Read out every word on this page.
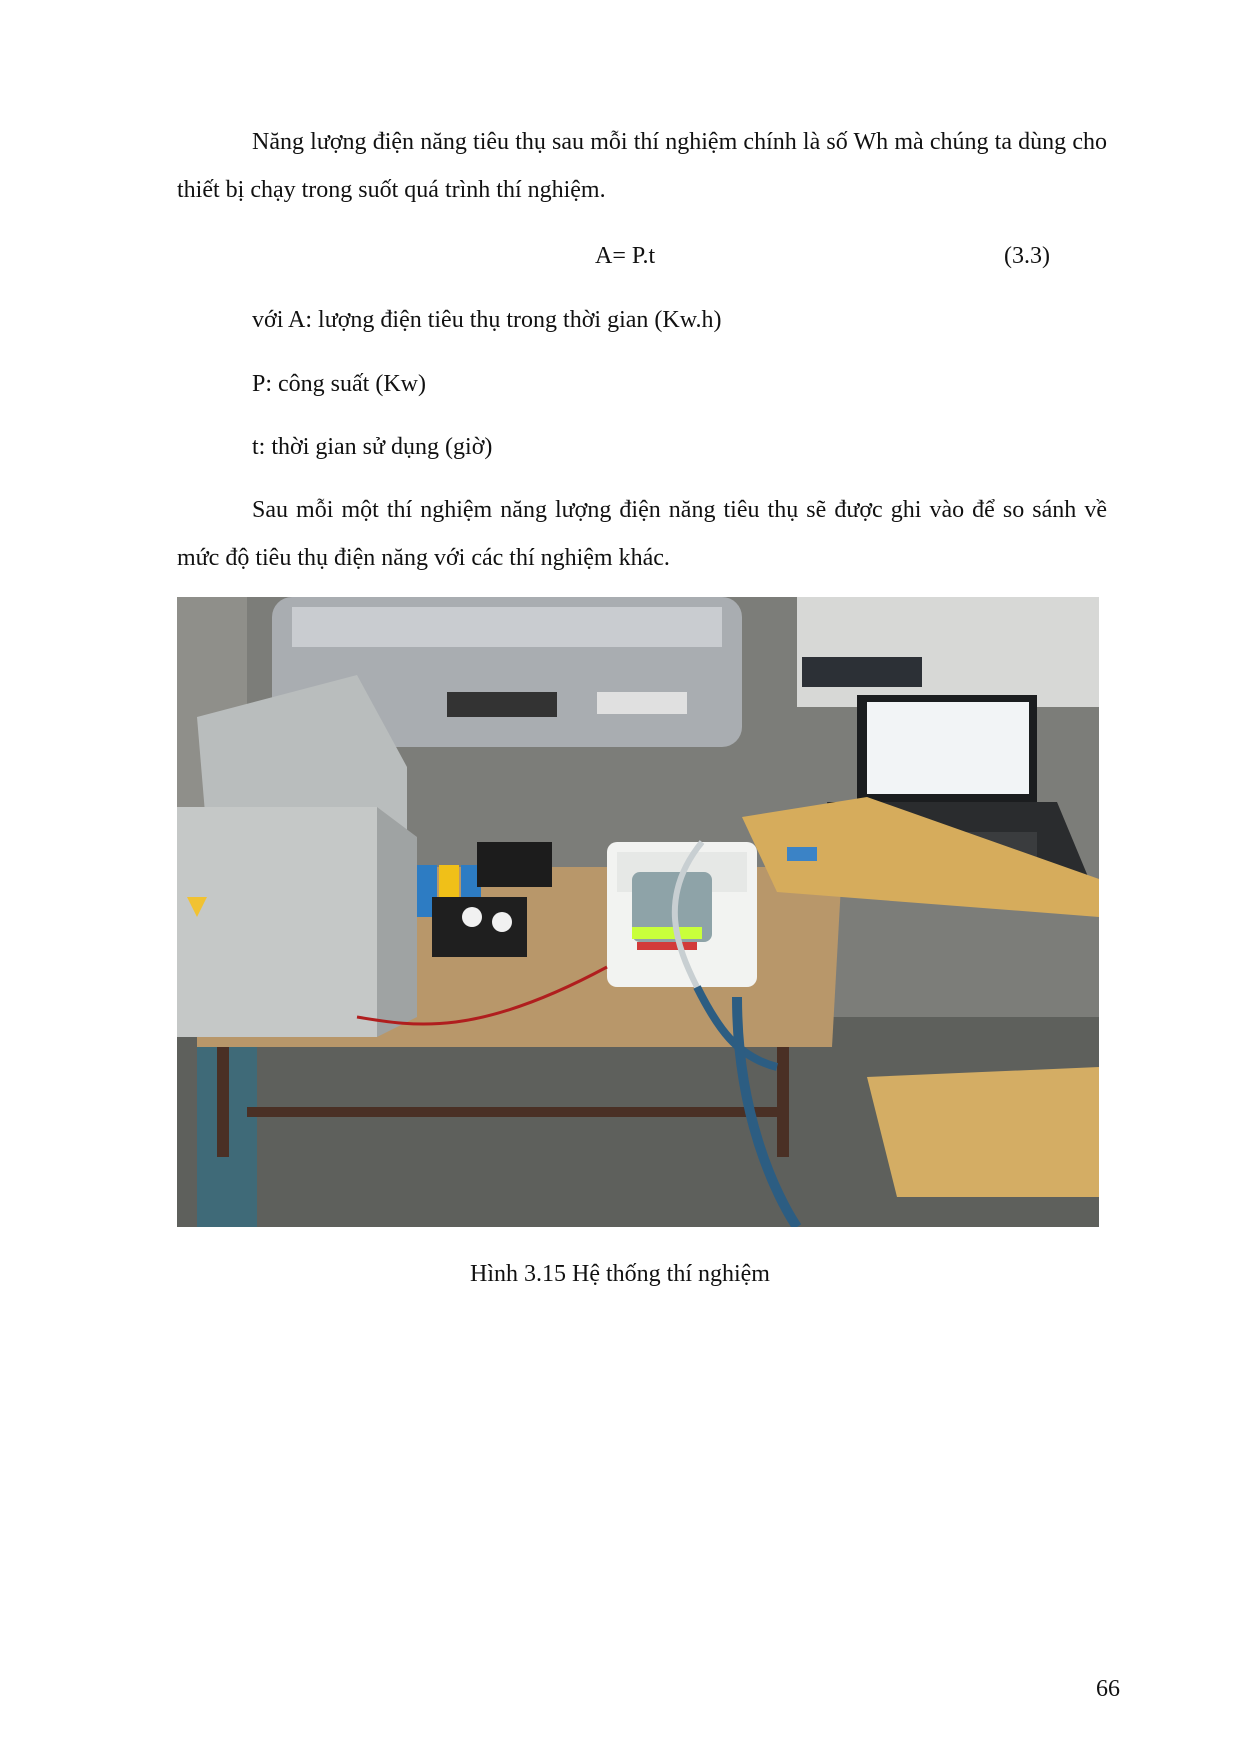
Năng lượng điện năng tiêu thụ sau mỗi thí nghiệm chính là số Wh mà chúng ta dùng cho thiết bị chạy trong suốt quá trình thí nghiệm.
A= P.t	(3.3)
với A: lượng điện tiêu thụ trong thời gian (Kw.h)
P: công suất (Kw)
t: thời gian sử dụng (giờ)
Sau mỗi một thí nghiệm năng lượng điện năng tiêu thụ sẽ được ghi vào để so sánh về mức độ tiêu thụ điện năng với các thí nghiệm khác.
Hình 3.15 Hệ thống thí nghiệm
66
